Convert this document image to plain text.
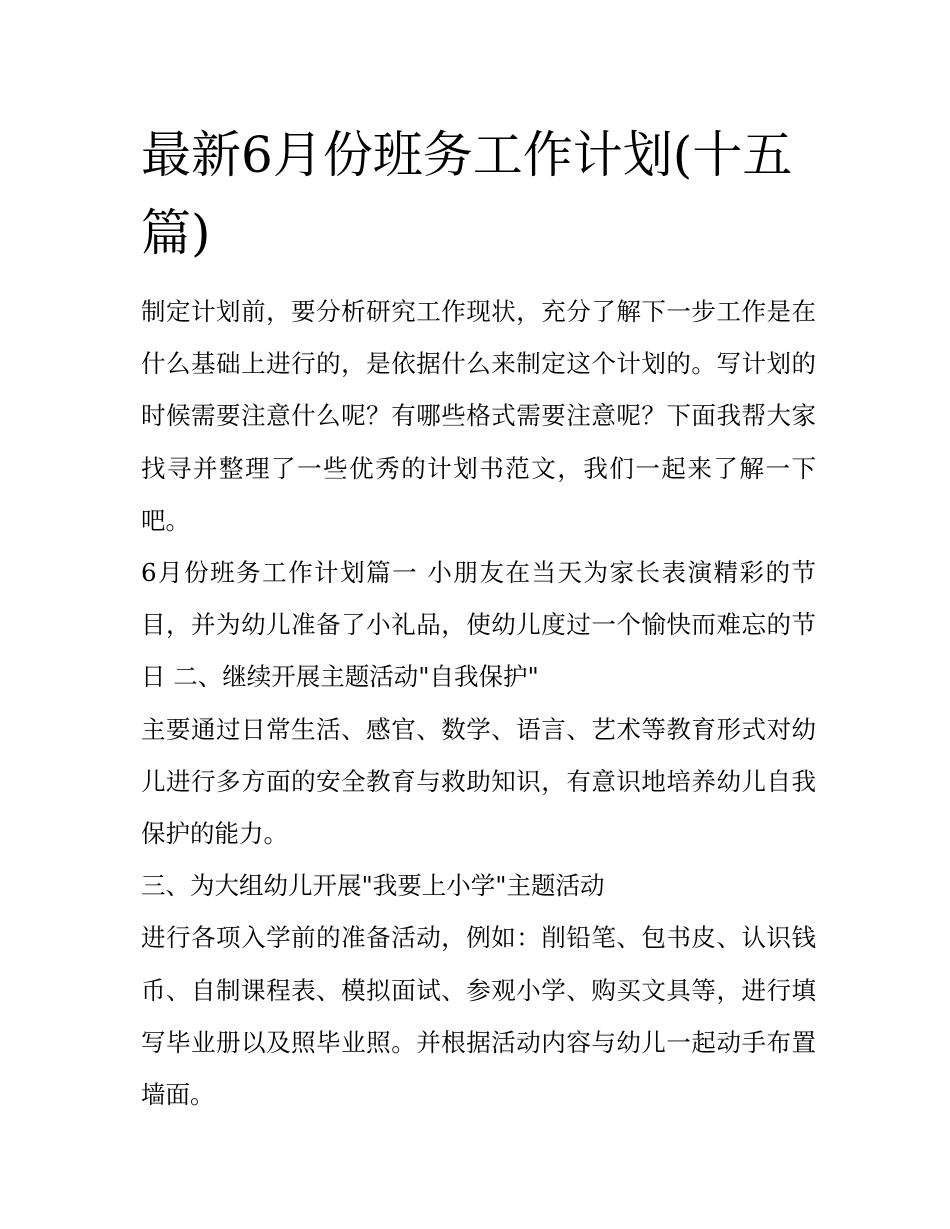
最新6月份班务工作计划(十五篇)

制定计划前，要分析研究工作现状，充分了解下一步工作是在什么基础上进行的，是依据什么来制定这个计划的。写计划的时候需要注意什么呢？有哪些格式需要注意呢？下面我帮大家找寻并整理了一些优秀的计划书范文，我们一起来了解一下吧。

6月份班务工作计划篇一 小朋友在当天为家长表演精彩的节目，并为幼儿准备了小礼品，使幼儿度过一个愉快而难忘的节日 二、继续开展主题活动"自我保护"

主要通过日常生活、感官、数学、语言、艺术等教育形式对幼儿进行多方面的安全教育与救助知识，有意识地培养幼儿自我保护的能力。

三、为大组幼儿开展"我要上小学"主题活动

进行各项入学前的准备活动，例如：削铅笔、包书皮、认识钱币、自制课程表、模拟面试、参观小学、购买文具等，进行填写毕业册以及照毕业照。并根据活动内容与幼儿一起动手布置墙面。
